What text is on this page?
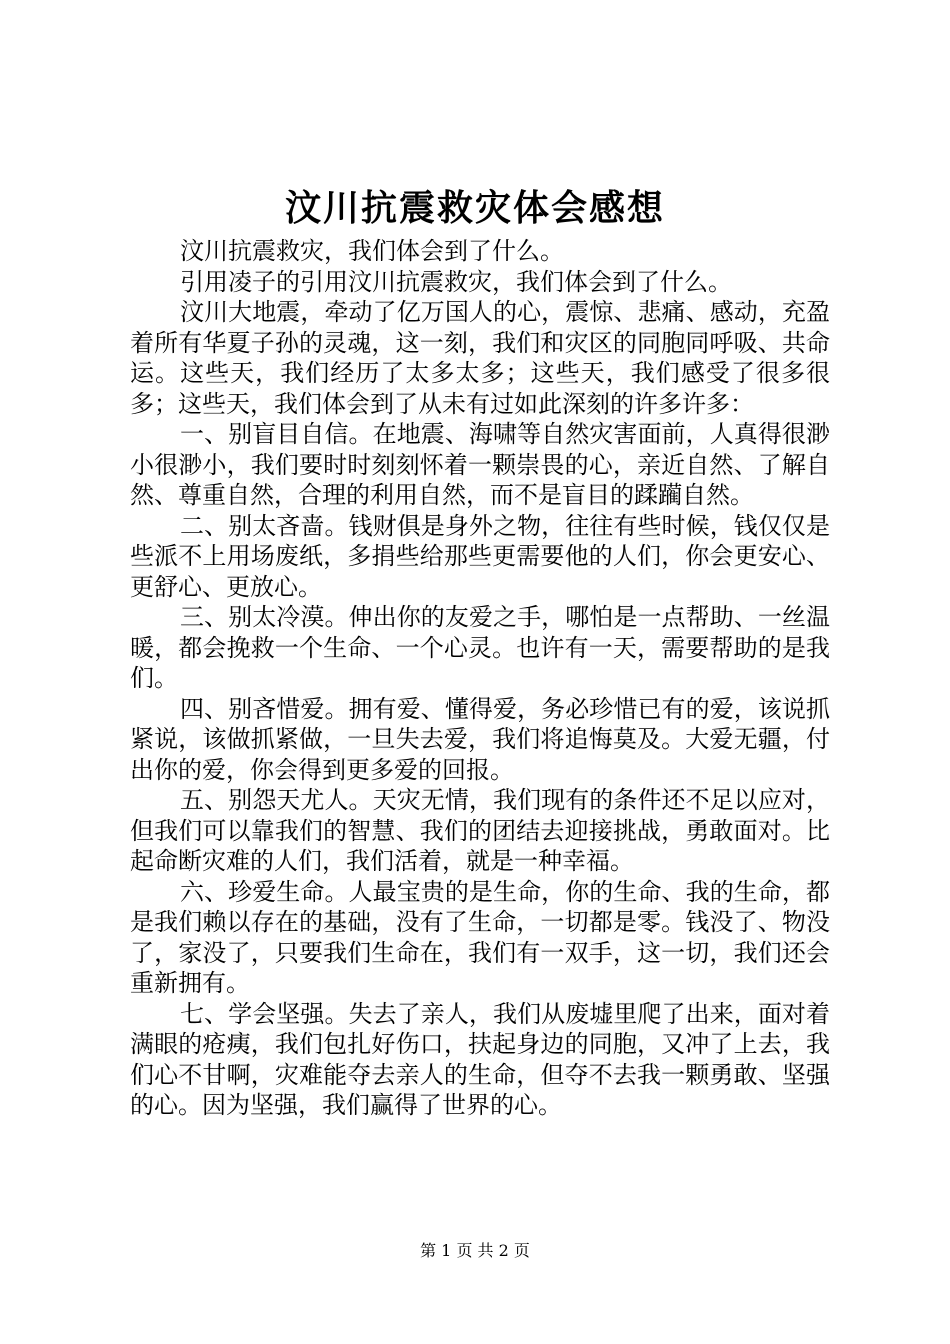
汶川抗震救灾体会感想

汶川抗震救灾，我们体会到了什么。

引用凌子的引用汶川抗震救灾，我们体会到了什么。

汶川大地震，牵动了亿万国人的心，震惊、悲痛、感动，充盈着所有华夏子孙的灵魂，这一刻，我们和灾区的同胞同呼吸、共命运。这些天，我们经历了太多太多；这些天，我们感受了很多很多；这些天，我们体会到了从未有过如此深刻的许多许多：

一、别盲目自信。在地震、海啸等自然灾害面前，人真得很渺小很渺小，我们要时时刻刻怀着一颗崇畏的心，亲近自然、了解自然、尊重自然，合理的利用自然，而不是盲目的蹂躏自然。

二、别太吝啬。钱财俱是身外之物，往往有些时候，钱仅仅是些派不上用场废纸，多捐些给那些更需要他的人们，你会更安心、更舒心、更放心。

三、别太冷漠。伸出你的友爱之手，哪怕是一点帮助、一丝温暖，都会挽救一个生命、一个心灵。也许有一天，需要帮助的是我们。

四、别吝惜爱。拥有爱、懂得爱，务必珍惜已有的爱，该说抓紧说，该做抓紧做，一旦失去爱，我们将追悔莫及。大爱无疆，付出你的爱，你会得到更多爱的回报。

五、别怨天尤人。天灾无情，我们现有的条件还不足以应对，但我们可以靠我们的智慧、我们的团结去迎接挑战，勇敢面对。比起命断灾难的人们，我们活着，就是一种幸福。

六、珍爱生命。人最宝贵的是生命，你的生命、我的生命，都是我们赖以存在的基础，没有了生命，一切都是零。钱没了、物没了，家没了，只要我们生命在，我们有一双手，这一切，我们还会重新拥有。

七、学会坚强。失去了亲人，我们从废墟里爬了出来，面对着满眼的疮痍，我们包扎好伤口，扶起身边的同胞，又冲了上去，我们心不甘啊，灾难能夺去亲人的生命，但夺不去我一颗勇敢、坚强的心。因为坚强，我们赢得了世界的心。

第 1 页 共 2 页
